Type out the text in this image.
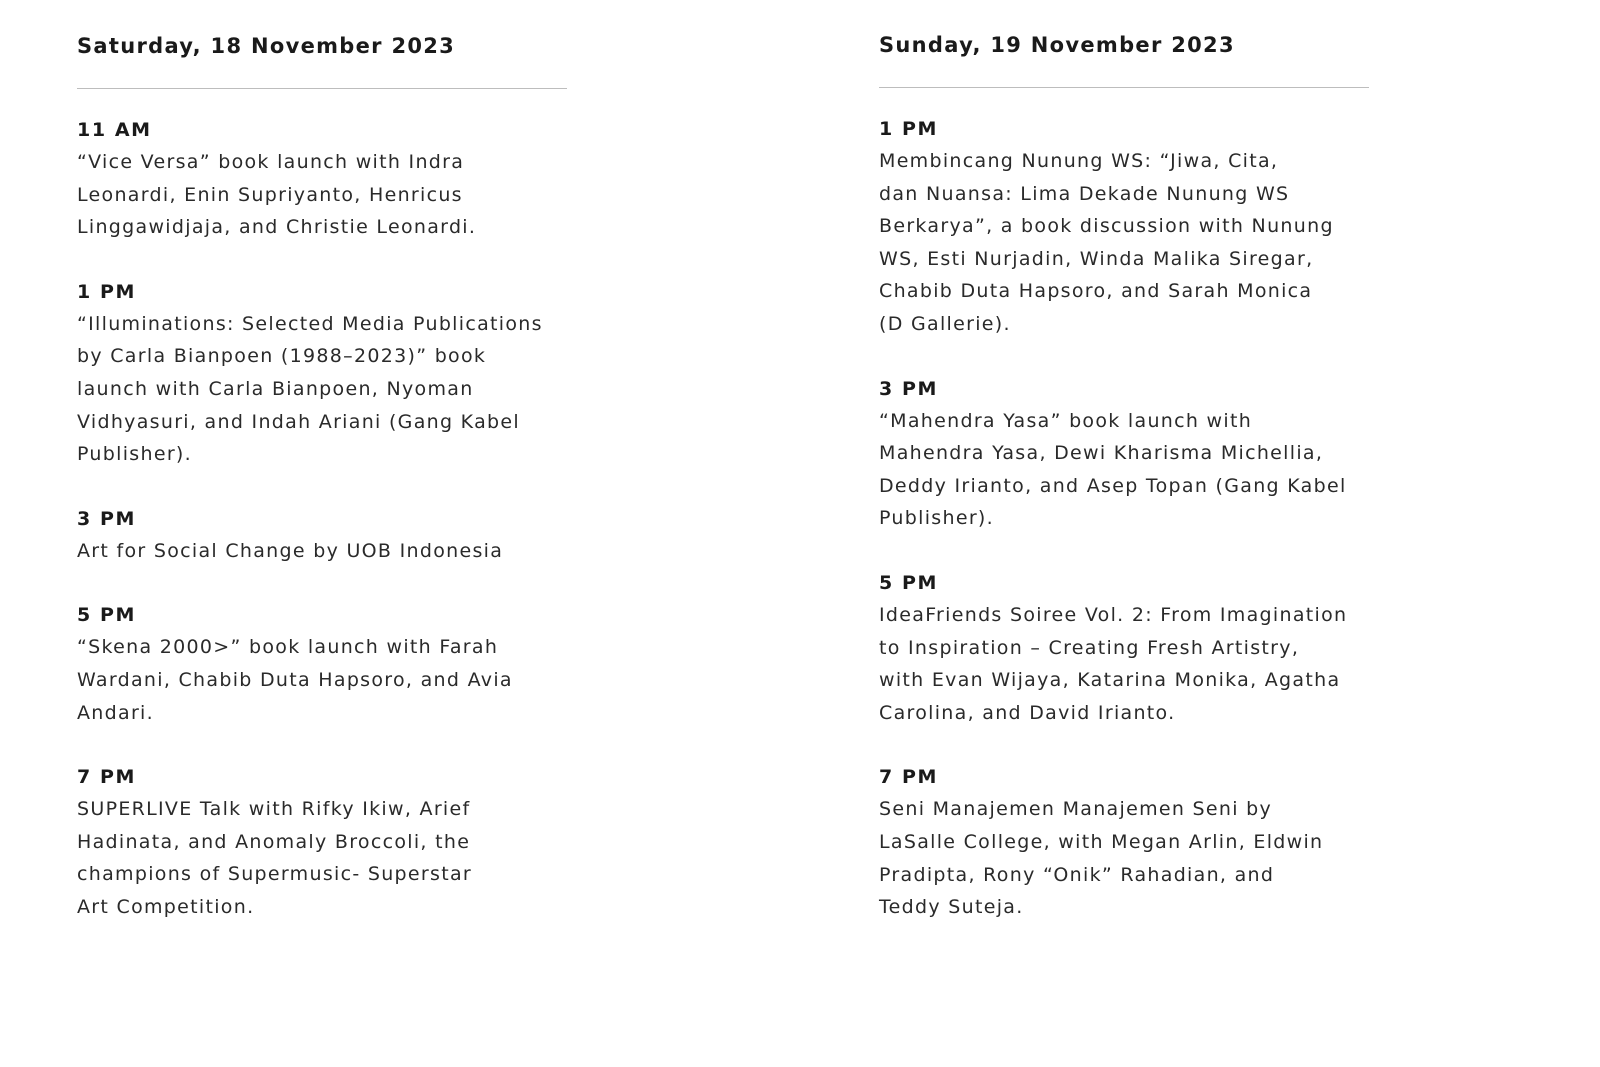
Saturday, 18 November 2023
11 AM
“Vice Versa” book launch with Indra
Leonardi, Enin Supriyanto, Henricus
Linggawidjaja, and Christie Leonardi.
1 PM
“Illuminations: Selected Media Publications
by Carla Bianpoen (1988–2023)” book
launch with Carla Bianpoen, Nyoman
Vidhyasuri, and Indah Ariani (Gang Kabel
Publisher).
3 PM
Art for Social Change by UOB Indonesia
5 PM
“Skena 2000>” book launch with Farah
Wardani, Chabib Duta Hapsoro, and Avia
Andari.
7 PM
SUPERLIVE Talk with Rifky Ikiw, Arief
Hadinata, and Anomaly Broccoli, the
champions of Supermusic- Superstar
Art Competition.
Sunday, 19 November 2023
1 PM
Membincang Nunung WS: “Jiwa, Cita,
dan Nuansa: Lima Dekade Nunung WS
Berkarya”, a book discussion with Nunung
WS, Esti Nurjadin, Winda Malika Siregar,
Chabib Duta Hapsoro, and Sarah Monica
(D Gallerie).
3 PM
“Mahendra Yasa” book launch with
Mahendra Yasa, Dewi Kharisma Michellia,
Deddy Irianto, and Asep Topan (Gang Kabel
Publisher).
5 PM
IdeaFriends Soiree Vol. 2: From Imagination
to Inspiration – Creating Fresh Artistry,
with Evan Wijaya, Katarina Monika, Agatha
Carolina, and David Irianto.
7 PM
Seni Manajemen Manajemen Seni by
LaSalle College, with Megan Arlin, Eldwin
Pradipta, Rony “Onik” Rahadian, and
Teddy Suteja.
